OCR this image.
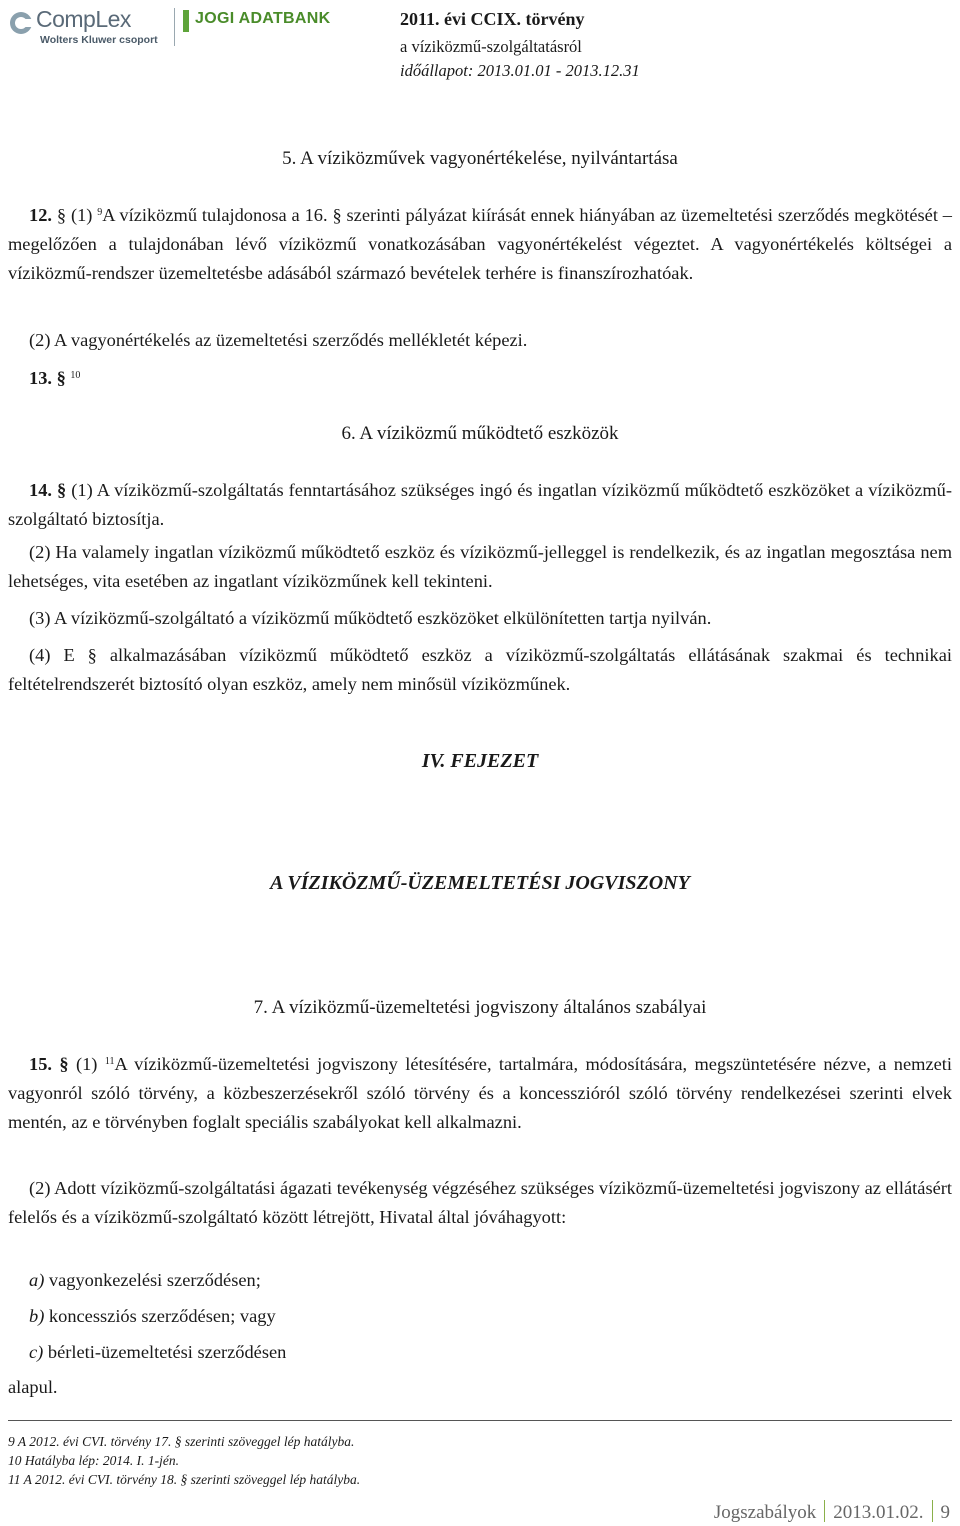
CompLex
Wolters Kluwer csoport
JOGI ADATBANK	2011. évi CCIX. törvény
a víziközmű-szolgáltatásról
időállapot: 2013.01.01 - 2013.12.31
5. A víziközművek vagyonértékelése, nyilvántartása

12. § (1) $^9$A víziközmű tulajdonosa a 16. § szerinti pályázat kiírását ennek hiányában az üzemeltetési szerződés megkötését – megelőzően a tulajdonában lévő víziközmű vonatkozásában vagyonértékelést végeztet. A vagyonértékelés költségei a víziközmű-rendszer üzemeltetésbe adásából származó bevételek terhére is finanszírozhatóak.

(2) A vagyonértékelés az üzemeltetési szerződés mellékletét képezi.

13. § $^{10}$

6. A víziközmű működtető eszközök

14. § (1) A víziközmű-szolgáltatás fenntartásához szükséges ingó és ingatlan víziközmű működtető eszközöket a víziközmű-szolgáltató biztosítja.

(2) Ha valamely ingatlan víziközmű működtető eszköz és víziközmű-jelleggel is rendelkezik, és az ingatlan megosztása nem lehetséges, vita esetében az ingatlant víziközműnek kell tekinteni.

(3) A víziközmű-szolgáltató a víziközmű működtető eszközöket elkülönítetten tartja nyilván.

(4) E § alkalmazásában víziközmű működtető eszköz a víziközmű-szolgáltatás ellátásának szakmai és technikai feltételrendszerét biztosító olyan eszköz, amely nem minősül víziközműnek.

IV. FEJEZET
A VÍZIKÖZMŰ-ÜZEMELTETÉSI JOGVISZONY
7. A víziközmű-üzemeltetési jogviszony általános szabályai

15. § (1) $^{11}$A víziközmű-üzemeltetési jogviszony létesítésére, tartalmára, módosítására, megszüntetésére nézve, a nemzeti vagyonról szóló törvény, a közbeszerzésekről szóló törvény és a koncesszióról szóló törvény rendelkezései szerinti elvek mentén, az e törvényben foglalt speciális szabályokat kell alkalmazni.

(2) Adott víziközmű-szolgáltatási ágazati tevékenység végzéséhez szükséges víziközmű-üzemeltetési jogviszony az ellátásért felelős és a víziközmű-szolgáltató között létrejött, Hivatal által jóváhagyott:

a) vagyonkezelési szerződésen;

b) koncessziós szerződésen; vagy

c) bérleti-üzemeltetési szerződésen

alapul.

9 A 2012. évi CVI. törvény 17. § szerinti szöveggel lép hatályba.
10 Hatályba lép: 2014. I. 1-jén.
11 A 2012. évi CVI. törvény 18. § szerinti szöveggel lép hatályba.
Jogszabályok 2013.01.02. 9
